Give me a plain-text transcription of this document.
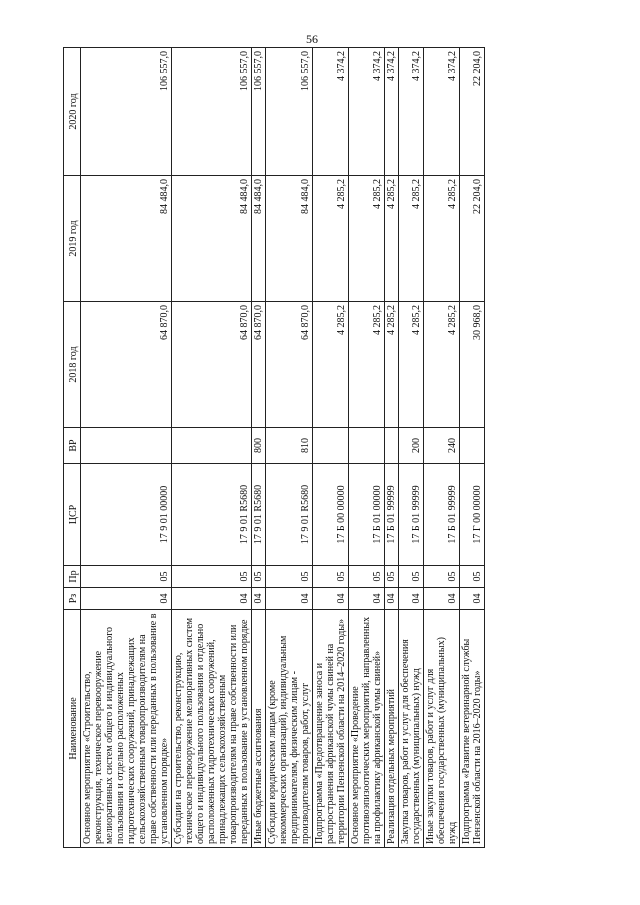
56
Наименование	Рз	Пр	ЦСР	ВР	2018 год	2019 год	2020 год
Основное мероприятие «Строительство, реконструкция, техническое перевооружение мелиоративных систем общего и индивидуального пользования и отдельно расположенных гидротехнических сооружений, принадлежащих сельскохозяйственным товаропроизводителям на праве собственности или переданных в пользование в установленном порядке»	04	05	17 9 01 00000		64 870,0	84 484,0	106 557,0
Субсидии на строительство, реконструкцию, техническое перевооружение мелиоративных систем общего и индивидуального пользования и отдельно расположенных гидротехнических сооружений, принадлежащих сельскохозяйственным товаропроизводителям на праве собственности или переданных в пользование в установленном порядке	04	05	17 9 01 R5680		64 870,0	84 484,0	106 557,0
Иные бюджетные ассигнования	04	05	17 9 01 R5680	800	64 870,0	84 484,0	106 557,0
Субсидии юридическим лицам (кроме некоммерческих организаций), индивидуальным предпринимателям, физическим лицам - производителям товаров, работ, услуг	04	05	17 9 01 R5680	810	64 870,0	84 484,0	106 557,0
Подпрограмма «Предотвращение заноса и распространения африканской чумы свиней на территории Пензенской области на 2014–2020 годы»	04	05	17 Б 00 00000		4 285,2	4 285,2	4 374,2
Основное мероприятие «Проведение противоэпизоотических мероприятий, направленных на профилактику африканской чумы свиней»	04	05	17 Б 01 00000		4 285,2	4 285,2	4 374,2
Реализация отдельных мероприятий	04	05	17 Б 01 99999		4 285,2	4 285,2	4 374,2
Закупка товаров, работ и услуг для обеспечения государственных (муниципальных) нужд	04	05	17 Б 01 99999	200	4 285,2	4 285,2	4 374,2
Иные закупки товаров, работ и услуг для обеспечения государственных (муниципальных) нужд	04	05	17 Б 01 99999	240	4 285,2	4 285,2	4 374,2
Подпрограмма «Развитие ветеринарной службы Пензенской области на 2016–2020 годы»	04	05	17 Г 00 00000		30 968,0	22 204,0	22 204,0
